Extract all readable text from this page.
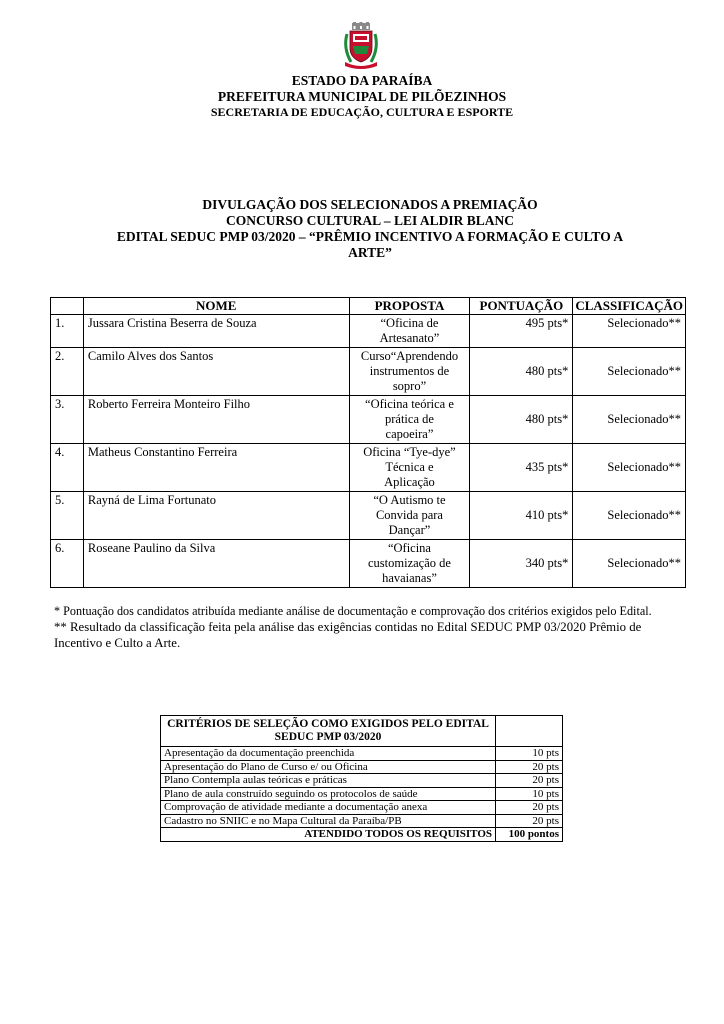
ESTADO DA PARAÍBA
PREFEITURA MUNICIPAL DE PILÕEZINHOS
SECRETARIA DE EDUCAÇÃO, CULTURA E ESPORTE
DIVULGAÇÃO DOS SELECIONADOS A PREMIAÇÃO
CONCURSO CULTURAL – LEI ALDIR BLANC
EDITAL SEDUC PMP 03/2020 – “PRÊMIO INCENTIVO A FORMAÇÃO E CULTO A
ARTE”
	NOME	PROPOSTA	PONTUAÇÃO	CLASSIFICAÇÃO
1.	Jussara Cristina Beserra de Souza	“Oficina de
Artesanato”	495 pts*	Selecionado**
2.	Camilo Alves dos Santos	Curso“Aprendendo
instrumentos de
sopro”	480 pts*	Selecionado**
3.	Roberto Ferreira Monteiro Filho	“Oficina teórica e
prática de
capoeira”	480 pts*	Selecionado**
4.	Matheus Constantino Ferreira	Oficina “Tye-dye”
Técnica e
Aplicação	435 pts*	Selecionado**
5.	Rayná de Lima Fortunato	“O Autismo te
Convida para
Dançar”	410 pts*	Selecionado**
6.	Roseane Paulino da Silva	“Oficina
customização de
havaianas”	340 pts*	Selecionado**

* Pontuação dos candidatos atribuída mediante análise de documentação e comprovação dos critérios exigidos pelo Edital.

** Resultado da classificação feita pela análise das exigências contidas no Edital SEDUC PMP 03/2020 Prêmio de Incentivo e Culto a Arte.

CRITÉRIOS DE SELEÇÃO COMO EXIGIDOS PELO EDITAL SEDUC PMP 03/2020	
Apresentação da documentação preenchida	10 pts
Apresentação do Plano de Curso e/ ou Oficina	20 pts
Plano Contempla aulas teóricas e práticas	20 pts
Plano de aula construído seguindo os protocolos de saúde	10 pts
Comprovação de atividade mediante a documentação anexa	20 pts
Cadastro no SNIIC e no Mapa Cultural da Paraíba/PB	20 pts
ATENDIDO TODOS OS REQUISITOS	100 pontos
